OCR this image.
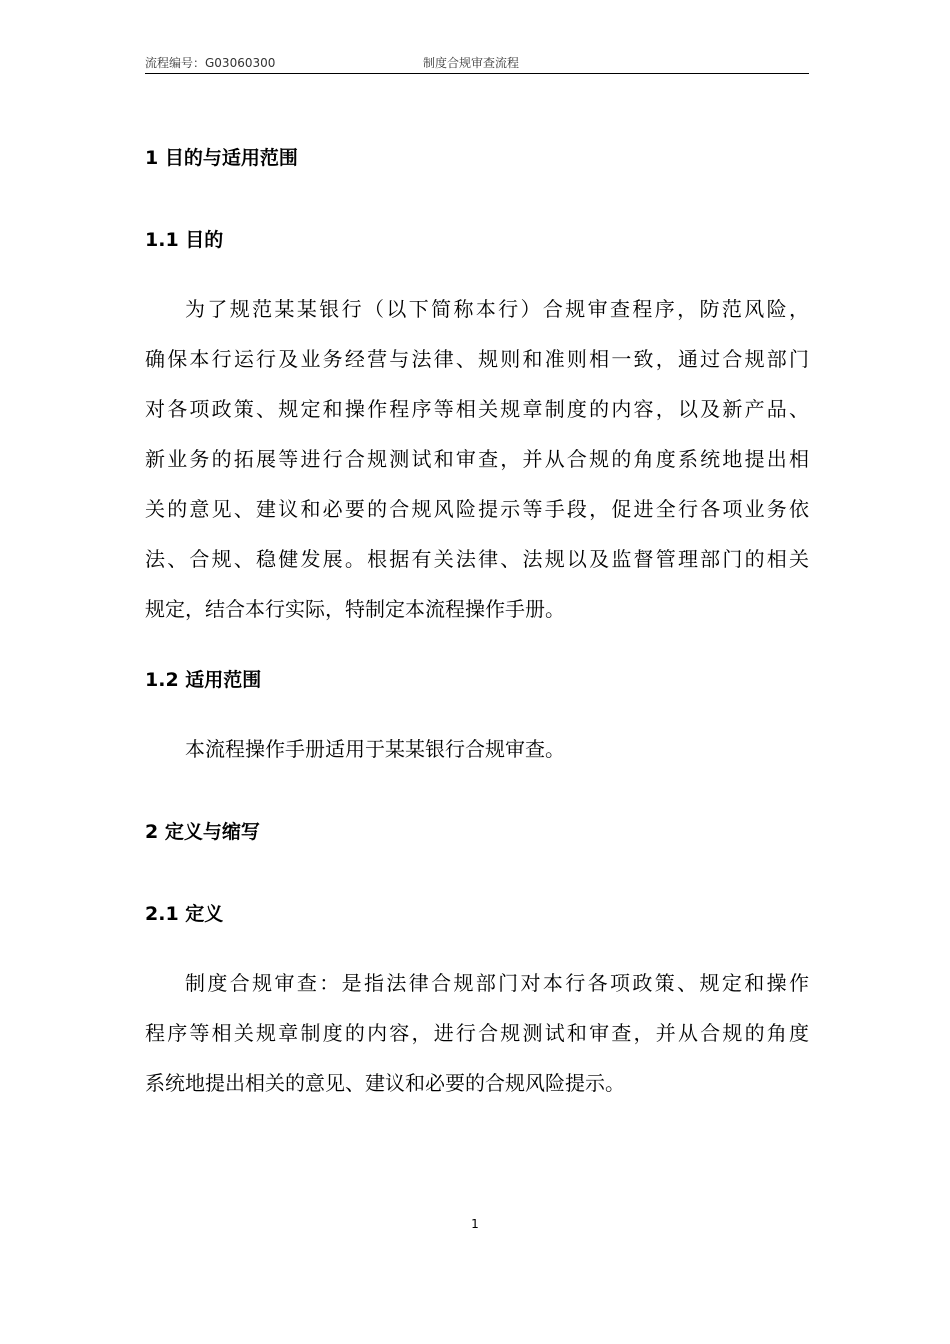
流程编号：G03060300	制度合规审查流程
1 目的与适用范围
1.1 目的
为了规范某某银行（以下简称本行）合规审查程序，防范风险，
确保本行运行及业务经营与法律、规则和准则相一致，通过合规部门
对各项政策、规定和操作程序等相关规章制度的内容，以及新产品、
新业务的拓展等进行合规测试和审查，并从合规的角度系统地提出相
关的意见、建议和必要的合规风险提示等手段，促进全行各项业务依
法、合规、稳健发展。根据有关法律、法规以及监督管理部门的相关
规定，结合本行实际，特制定本流程操作手册。
1.2 适用范围
本流程操作手册适用于某某银行合规审查。
2 定义与缩写
2.1 定义
制度合规审查：是指法律合规部门对本行各项政策、规定和操作
程序等相关规章制度的内容，进行合规测试和审查，并从合规的角度
系统地提出相关的意见、建议和必要的合规风险提示。
1
